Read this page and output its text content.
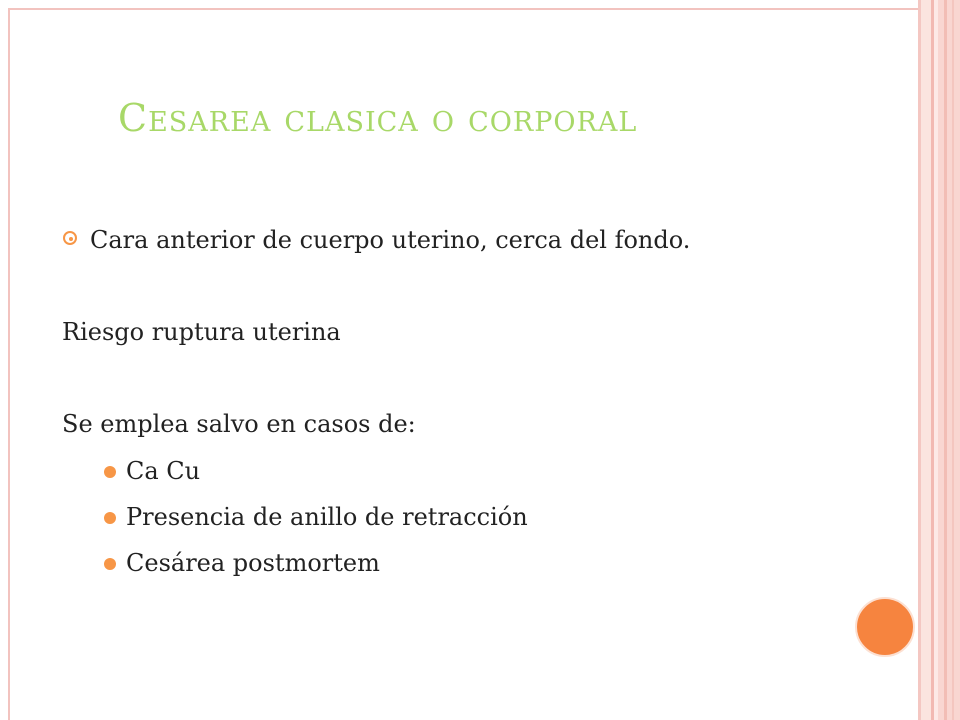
Cesarea clasica o corporal
Cara anterior de cuerpo uterino, cerca del fondo.
Riesgo ruptura uterina
Se emplea salvo en casos de:
Ca Cu
Presencia de anillo de retracción
Cesárea postmortem
